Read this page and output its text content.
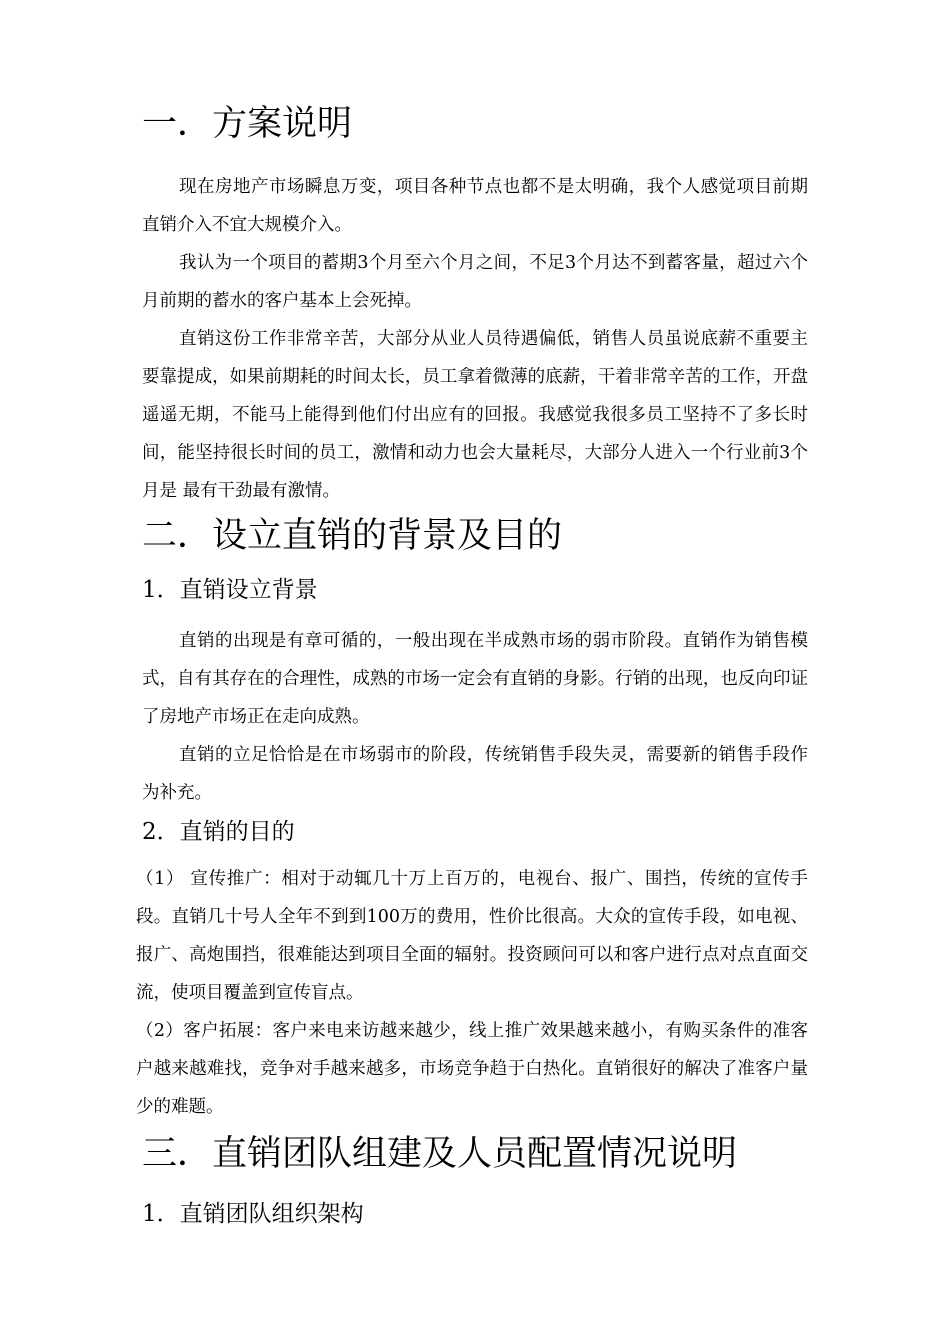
一．方案说明

现在房地产市场瞬息万变，项目各种节点也都不是太明确，我个人感觉项目前期直销介入不宜大规模介入。

我认为一个项目的蓄期3个月至六个月之间，不足3个月达不到蓄客量，超过六个月前期的蓄水的客户基本上会死掉。

直销这份工作非常辛苦，大部分从业人员待遇偏低，销售人员虽说底薪不重要主要靠提成，如果前期耗的时间太长，员工拿着微薄的底薪，干着非常辛苦的工作，开盘遥遥无期，不能马上能得到他们付出应有的回报。我感觉我很多员工坚持不了多长时间，能坚持很长时间的员工，激情和动力也会大量耗尽，大部分人进入一个行业前3个月是 最有干劲最有激情。

二．设立直销的背景及目的
1．直销设立背景

直销的出现是有章可循的，一般出现在半成熟市场的弱市阶段。直销作为销售模式，自有其存在的合理性，成熟的市场一定会有直销的身影。行销的出现，也反向印证了房地产市场正在走向成熟。

直销的立足恰恰是在市场弱市的阶段，传统销售手段失灵，需要新的销售手段作为补充。

2．直销的目的

（1） 宣传推广：相对于动辄几十万上百万的，电视台、报广、围挡，传统的宣传手段。直销几十号人全年不到到100万的费用，性价比很高。大众的宣传手段，如电视、报广、高炮围挡，很难能达到项目全面的辐射。投资顾问可以和客户进行点对点直面交流，使项目覆盖到宣传盲点。

（2）客户拓展：客户来电来访越来越少，线上推广效果越来越小，有购买条件的准客户越来越难找，竞争对手越来越多，市场竞争趋于白热化。直销很好的解决了准客户量少的难题。

三．直销团队组建及人员配置情况说明
1．直销团队组织架构
